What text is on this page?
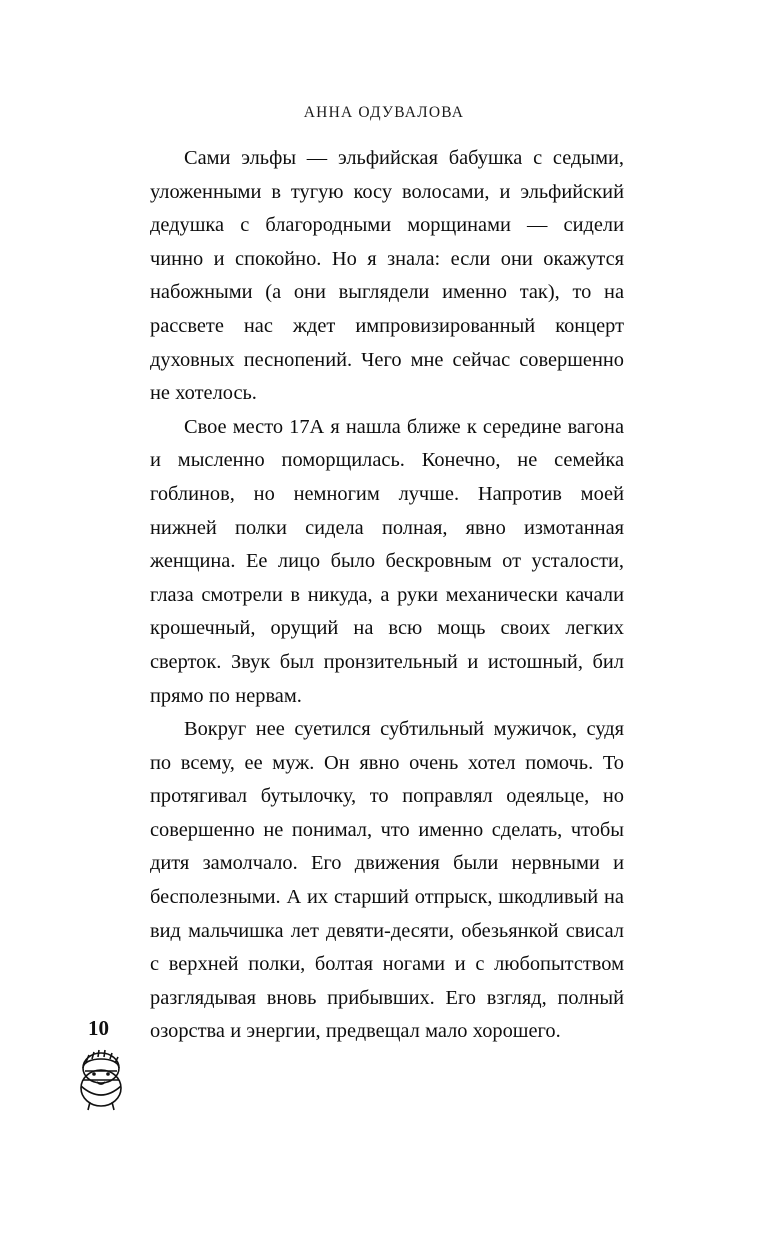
АННА ОДУВАЛОВА

Сами эльфы — эльфийская бабушка с седыми, уложенными в тугую косу волосами, и эльфийский дедушка с благородными морщинами — сидели чинно и спокойно. Но я знала: если они окажутся набожными (а они выглядели именно так), то на рассвете нас ждет импровизированный концерт духовных песнопений. Чего мне сейчас совершенно не хотелось.

Свое место 17А я нашла ближе к середине вагона и мысленно поморщилась. Конечно, не семейка гоблинов, но немногим лучше. Напротив моей нижней полки сидела полная, явно измотанная женщина. Ее лицо было бескровным от усталости, глаза смотрели в никуда, а руки механически качали крошечный, орущий на всю мощь своих легких сверток. Звук был пронзительный и истошный, бил прямо по нервам.

Вокруг нее суетился субтильный мужичок, судя по всему, ее муж. Он явно очень хотел помочь. То протягивал бутылочку, то поправлял одеяльце, но совершенно не понимал, что именно сделать, чтобы дитя замолчало. Его движения были нервными и бесполезными. А их старший отпрыск, шкодливый на вид мальчишка лет девяти-десяти, обезьянкой свисал с верхней полки, болтая ногами и с любопытством разглядывая вновь прибывших. Его взгляд, полный озорства и энергии, предвещал мало хорошего.

10
